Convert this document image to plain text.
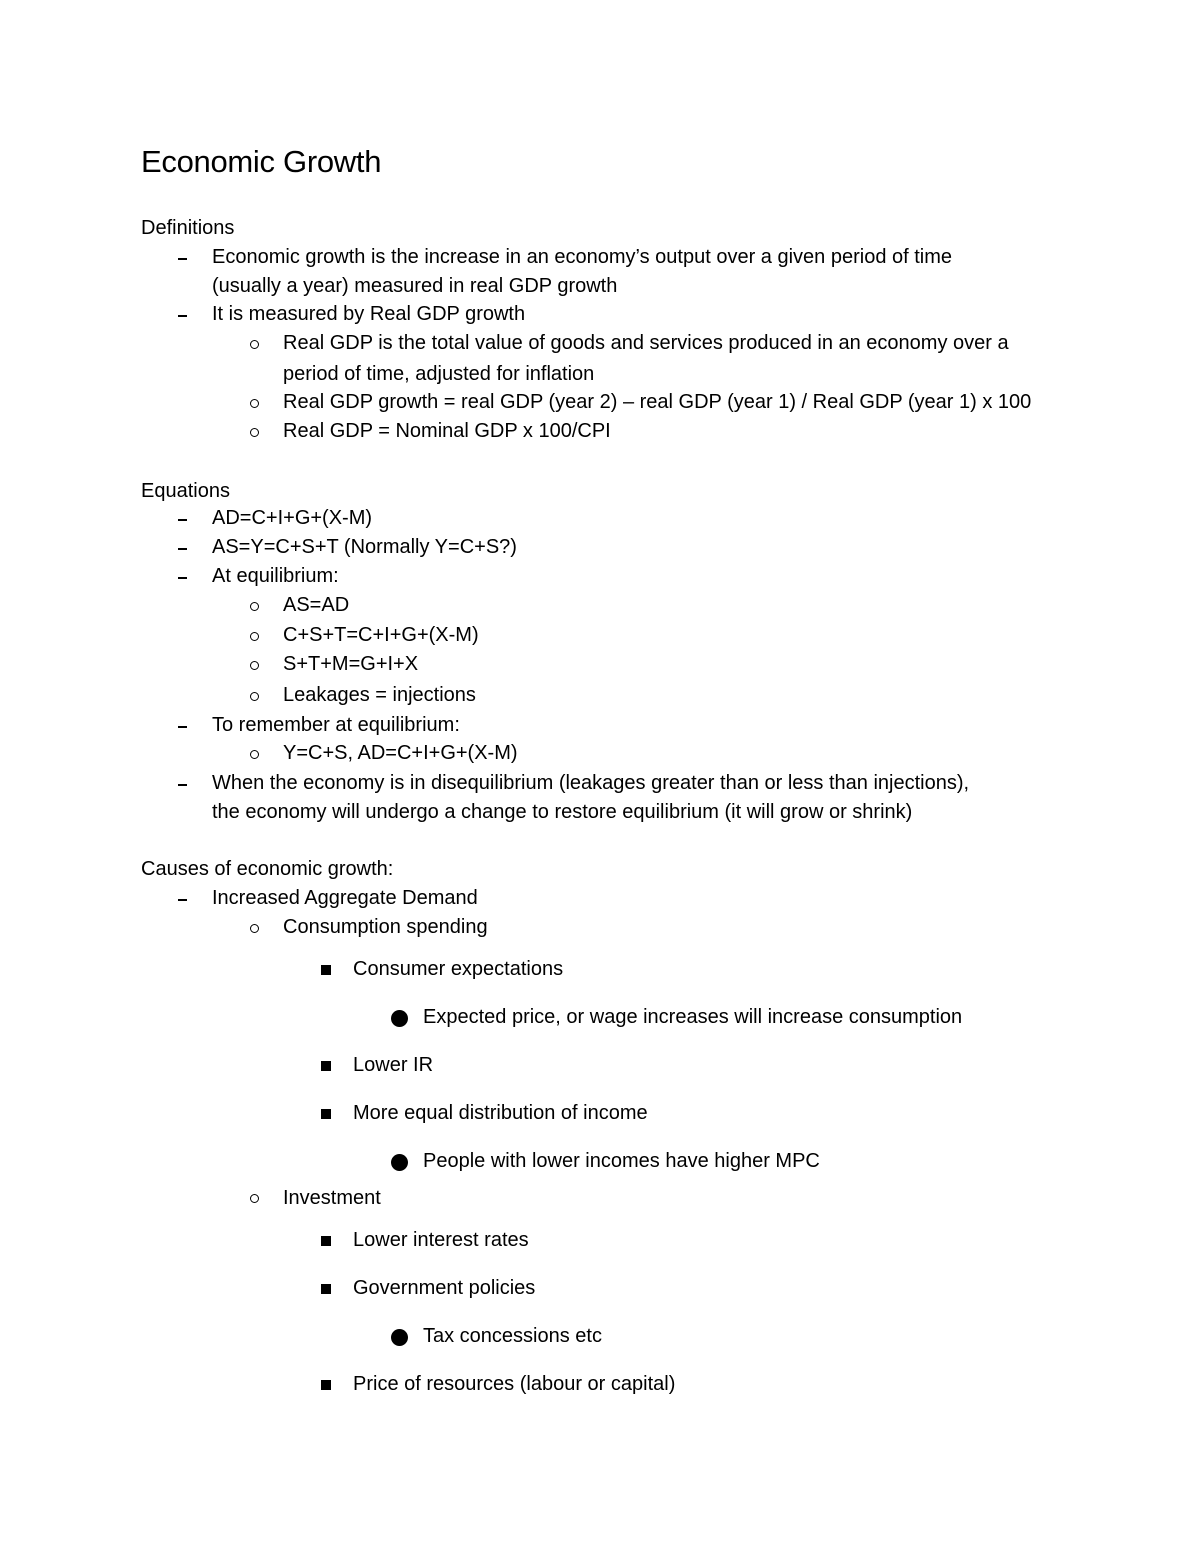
Economic Growth
Definitions
Economic growth is the increase in an economy’s output over a given period of time
(usually a year) measured in real GDP growth
It is measured by Real GDP growth
Real GDP is the total value of goods and services produced in an economy over a
period of time, adjusted for inflation
Real GDP growth = real GDP (year 2) – real GDP (year 1) / Real GDP (year 1) x 100
Real GDP = Nominal GDP x 100/CPI
Equations
AD=C+I+G+(X-M)
AS=Y=C+S+T (Normally Y=C+S?)
At equilibrium:
AS=AD
C+S+T=C+I+G+(X-M)
S+T+M=G+I+X
Leakages = injections
To remember at equilibrium:
Y=C+S, AD=C+I+G+(X-M)
When the economy is in disequilibrium (leakages greater than or less than injections),
the economy will undergo a change to restore equilibrium (it will grow or shrink)
Causes of economic growth:
Increased Aggregate Demand
Consumption spending
Consumer expectations
Expected price, or wage increases will increase consumption
Lower IR
More equal distribution of income
People with lower incomes have higher MPC
Investment
Lower interest rates
Government policies
Tax concessions etc
Price of resources (labour or capital)
